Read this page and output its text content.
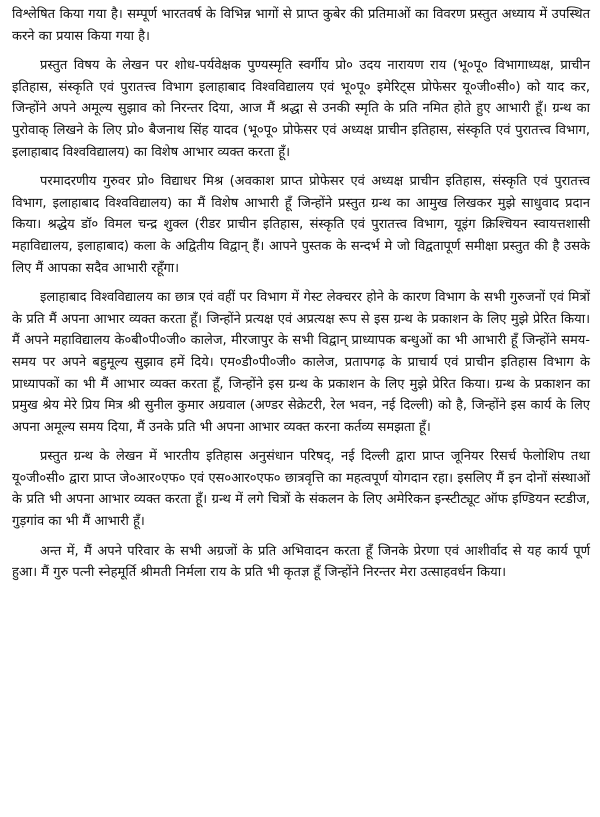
विश्लेषित किया गया है। सम्पूर्ण भारतवर्ष के विभिन्न भागों से प्राप्त कुबेर की प्रतिमाओं का विवरण प्रस्तुत अध्याय में उपस्थित करने का प्रयास किया गया है।

प्रस्तुत विषय के लेखन पर शोध-पर्यवेक्षक पुण्यस्मृति स्वर्गीय प्रो० उदय नारायण राय (भू०पू० विभागाध्यक्ष, प्राचीन इतिहास, संस्कृति एवं पुरातत्त्व विभाग इलाहाबाद विश्वविद्यालय एवं भू०पू० इमेरिट्स प्रोफेसर यू०जी०सी०) को याद कर, जिन्होंने अपने अमूल्य सुझाव को निरन्तर दिया, आज मैं श्रद्धा से उनकी स्मृति के प्रति नमित होते हुए आभारी हूँ। ग्रन्थ का पुरोवाक् लिखने के लिए प्रो० बैजनाथ सिंह यादव (भू०पू० प्रोफेसर एवं अध्यक्ष प्राचीन इतिहास, संस्कृति एवं पुरातत्त्व विभाग, इलाहाबाद विश्वविद्यालय) का विशेष आभार व्यक्त करता हूँ।

परमादरणीय गुरुवर प्रो० विद्याधर मिश्र (अवकाश प्राप्त प्रोफेसर एवं अध्यक्ष प्राचीन इतिहास, संस्कृति एवं पुरातत्त्व विभाग, इलाहाबाद विश्वविद्यालय) का मैं विशेष आभारी हूँ जिन्होंने प्रस्तुत ग्रन्थ का आमुख लिखकर मुझे साधुवाद प्रदान किया। श्रद्धेय डॉ० विमल चन्द्र शुक्ल (रीडर प्राचीन इतिहास, संस्कृति एवं पुरातत्त्व विभाग, यूइंग क्रिश्चियन स्वायत्तशासी महाविद्यालय, इलाहाबाद) कला के अद्वितीय विद्वान् हैं। आपने पुस्तक के सन्दर्भ मे जो विद्वतापूर्ण समीक्षा प्रस्तुत की है उसके लिए मैं आपका सदैव आभारी रहूँगा।

इलाहाबाद विश्वविद्यालय का छात्र एवं वहीं पर विभाग में गेस्ट लेक्चरर होने के कारण विभाग के सभी गुरुजनों एवं मित्रों के प्रति मैं अपना आभार व्यक्त करता हूँ। जिन्होंने प्रत्यक्ष एवं अप्रत्यक्ष रूप से इस ग्रन्थ के प्रकाशन के लिए मुझे प्रेरित किया। मैं अपने महाविद्यालय के०बी०पी०जी० कालेज, मीरजापुर के सभी विद्वान् प्राध्यापक बन्धुओं का भी आभारी हूँ जिन्होंने समय-समय पर अपने बहुमूल्य सुझाव हमें दिये। एम०डी०पी०जी० कालेज, प्रतापगढ़ के प्राचार्य एवं प्राचीन इतिहास विभाग के प्राध्यापकों का भी मैं आभार व्यक्त करता हूँ, जिन्होंने इस ग्रन्थ के प्रकाशन के लिए मुझे प्रेरित किया। ग्रन्थ के प्रकाशन का प्रमुख श्रेय मेरे प्रिय मित्र श्री सुनील कुमार अग्रवाल (अण्डर सेक्रेटरी, रेल भवन, नई दिल्ली) को है, जिन्होंने इस कार्य के लिए अपना अमूल्य समय दिया, मैं उनके प्रति भी अपना आभार व्यक्त करना कर्तव्य समझता हूँ।

प्रस्तुत ग्रन्थ के लेखन में भारतीय इतिहास अनुसंधान परिषद्, नई दिल्ली द्वारा प्राप्त जूनियर रिसर्च फेलोशिप तथा यू०जी०सी० द्वारा प्राप्त जे०आर०एफ० एवं एस०आर०एफ० छात्रवृत्ति का महत्वपूर्ण योगदान रहा। इसलिए मैं इन दोनों संस्थाओं के प्रति भी अपना आभार व्यक्त करता हूँ। ग्रन्थ में लगे चित्रों के संकलन के लिए अमेरिकन इन्स्टीट्यूट ऑफ इण्डियन स्टडीज, गुड़गांव का भी मैं आभारी हूँ।

अन्त में, मैं अपने परिवार के सभी अग्रजों के प्रति अभिवादन करता हूँ जिनके प्रेरणा एवं आशीर्वाद से यह कार्य पूर्ण हुआ। मैं गुरु पत्नी स्नेहमूर्ति श्रीमती निर्मला राय के प्रति भी कृतज्ञ हूँ जिन्होंने निरन्तर मेरा उत्साहवर्धन किया।
